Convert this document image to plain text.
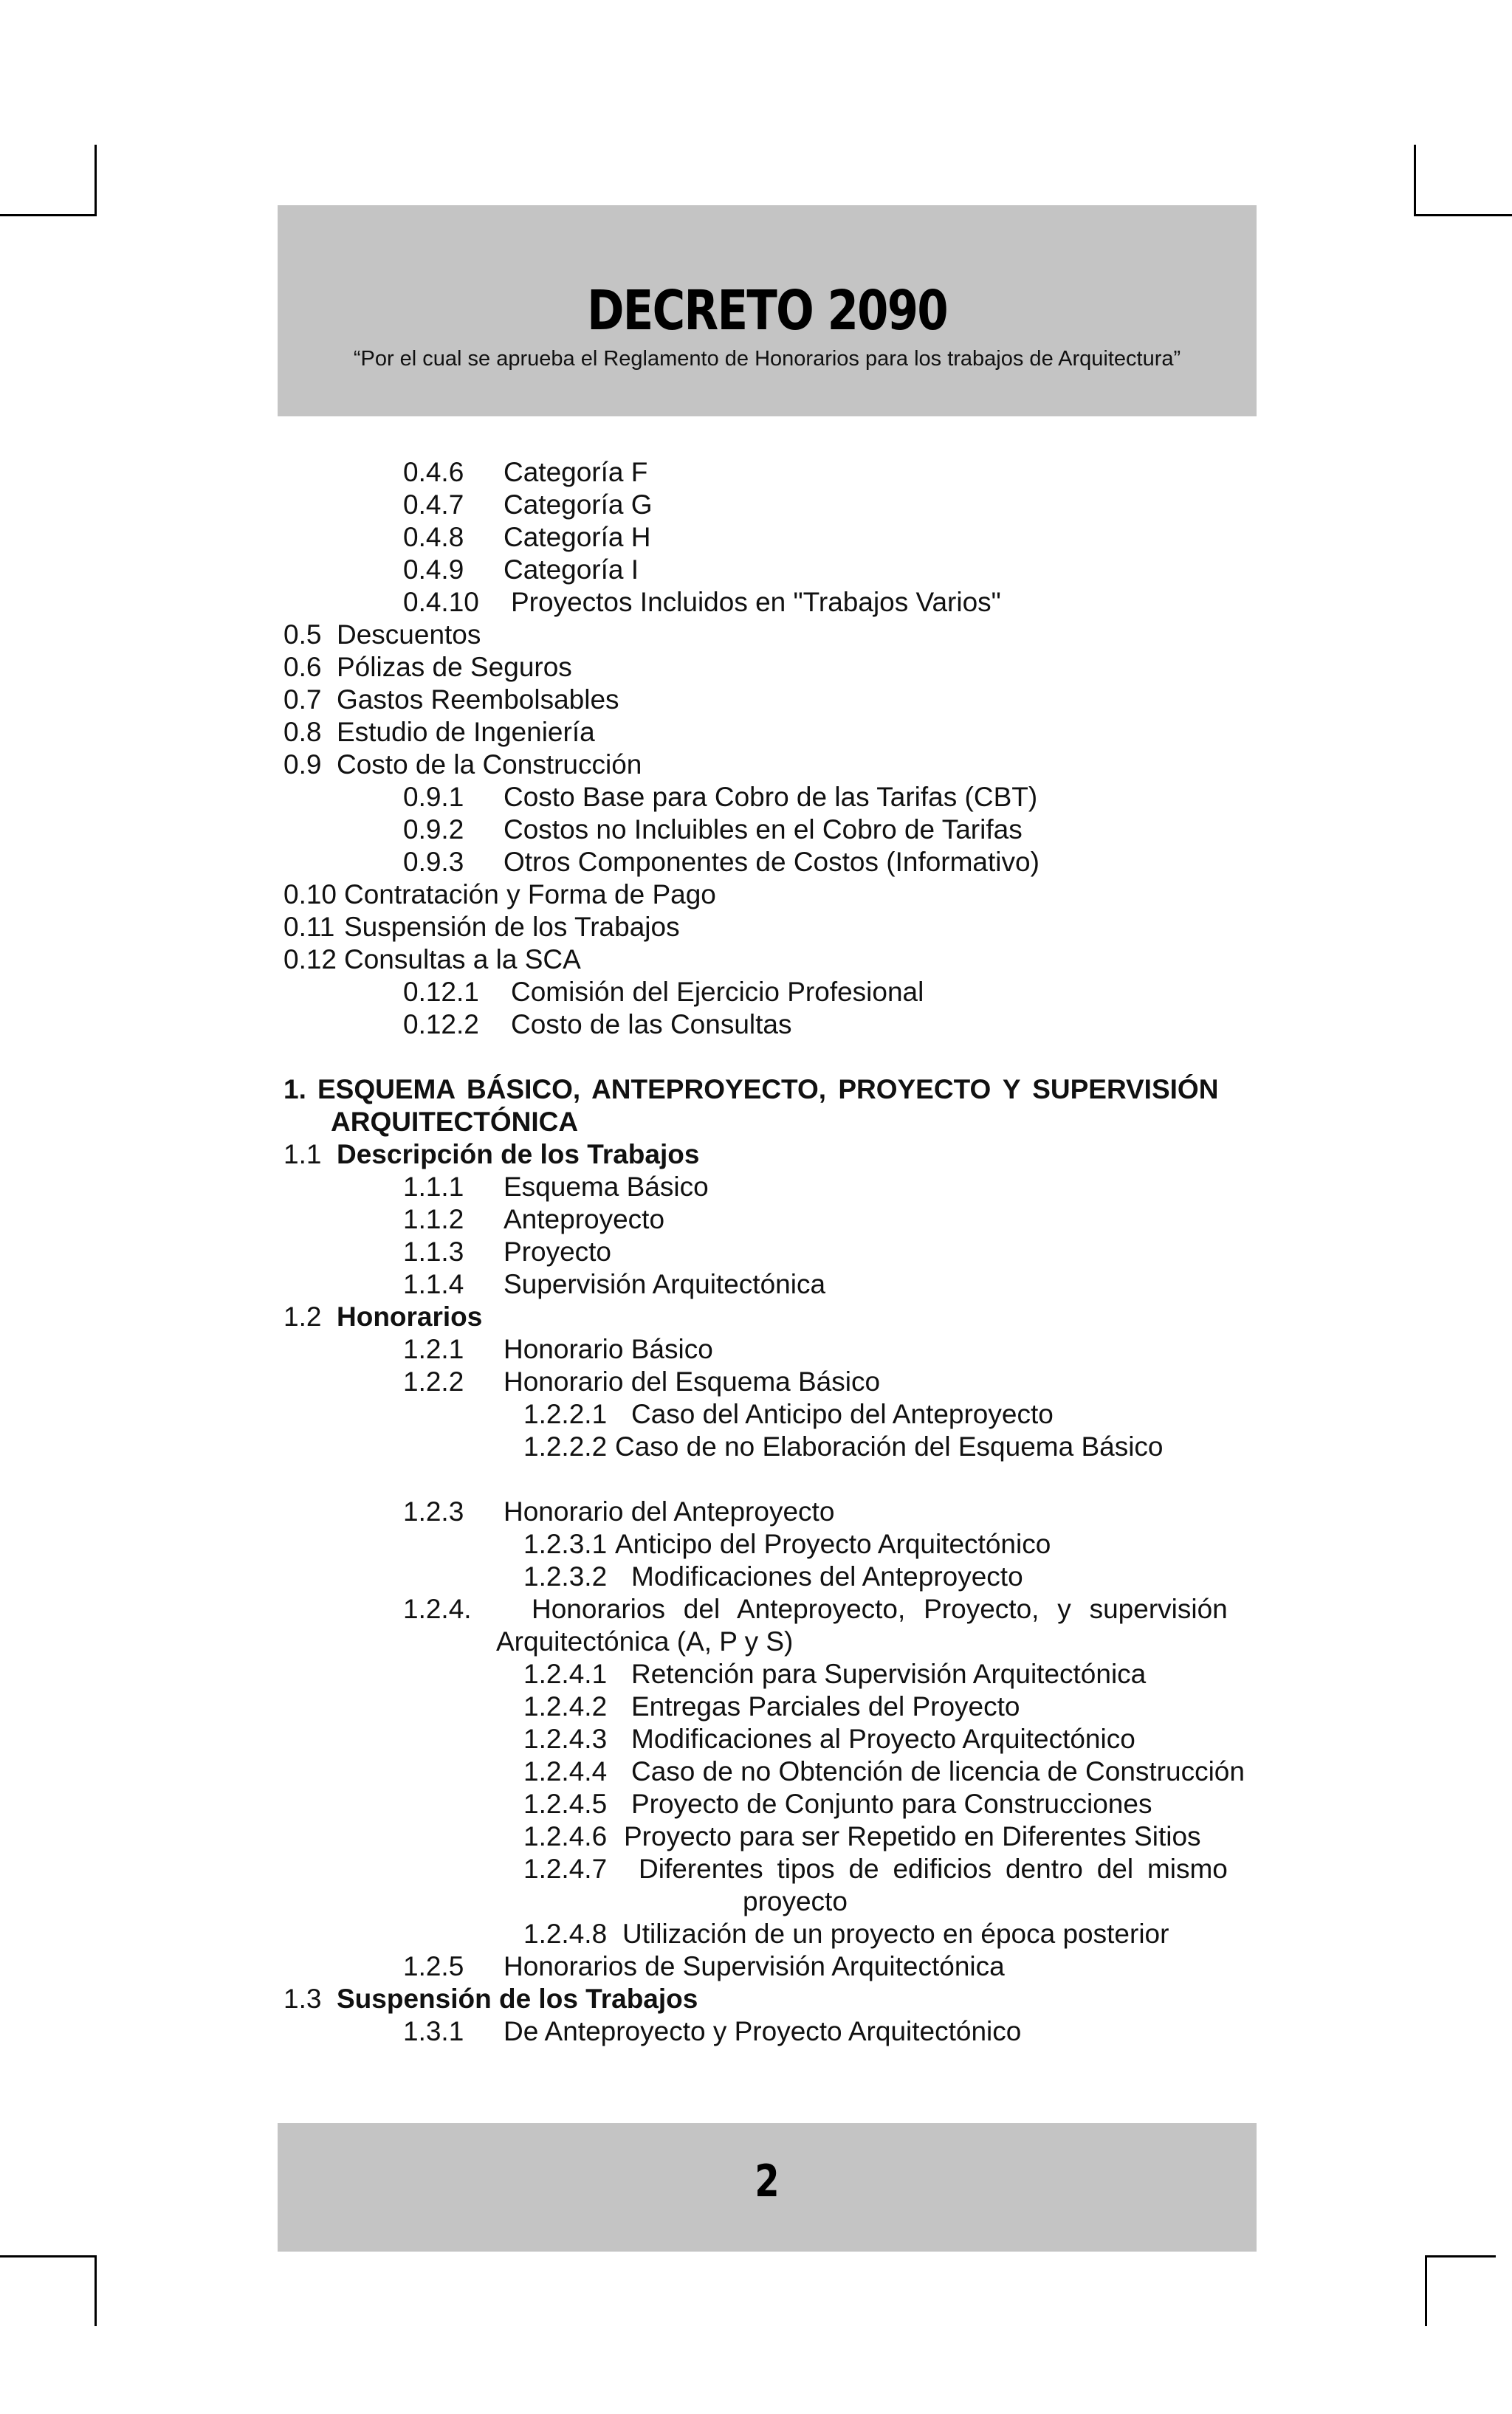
DECRETO 2090
“Por el cual se aprueba el Reglamento de Honorarios para los trabajos de Arquitectura”
0.4.6 Categoría F
0.4.7 Categoría G
0.4.8 Categoría H
0.4.9 Categoría I
0.4.10 Proyectos Incluidos en "Trabajos Varios"
0.5 Descuentos
0.6 Pólizas de Seguros
0.7 Gastos Reembolsables
0.8 Estudio de Ingeniería
0.9 Costo de la Construcción
0.9.1 Costo Base para Cobro de las Tarifas (CBT)
0.9.2 Costos no Incluibles en el Cobro de Tarifas
0.9.3 Otros Componentes de Costos (Informativo)
0.10 Contratación y Forma de Pago
0.11 Suspensión de los Trabajos
0.12 Consultas a la SCA
0.12.1 Comisión del Ejercicio Profesional
0.12.2 Costo de las Consultas
1. ESQUEMA BÁSICO, ANTEPROYECTO, PROYECTO Y SUPERVISIÓN
ARQUITECTÓNICA
1.1 Descripción de los Trabajos
1.1.1 Esquema Básico
1.1.2 Anteproyecto
1.1.3 Proyecto
1.1.4 Supervisión Arquitectónica
1.2 Honorarios
1.2.1 Honorario Básico
1.2.2 Honorario del Esquema Básico
1.2.2.1 Caso del Anticipo del Anteproyecto
1.2.2.2 Caso de no Elaboración del Esquema Básico
1.2.3 Honorario del Anteproyecto
1.2.3.1 Anticipo del Proyecto Arquitectónico
1.2.3.2 Modificaciones del Anteproyecto
1.2.4. Honorarios   del   Anteproyecto,   Proyecto,   y   supervisión
Arquitectónica (A, P y S)
1.2.4.1 Retención para Supervisión Arquitectónica
1.2.4.2 Entregas Parciales del Proyecto
1.2.4.3 Modificaciones al Proyecto Arquitectónico
1.2.4.4 Caso de no Obtención de licencia de Construcción
1.2.4.5 Proyecto de Conjunto para Construcciones
1.2.4.6 Proyecto para ser Repetido en Diferentes Sitios
1.2.4.7 Diferentes   tipos   de   edificios   dentro   del   mismo
proyecto
1.2.4.8 Utilización de un proyecto en época posterior
1.2.5 Honorarios de Supervisión Arquitectónica
1.3 Suspensión de los Trabajos
1.3.1 De Anteproyecto y Proyecto Arquitectónico
2
